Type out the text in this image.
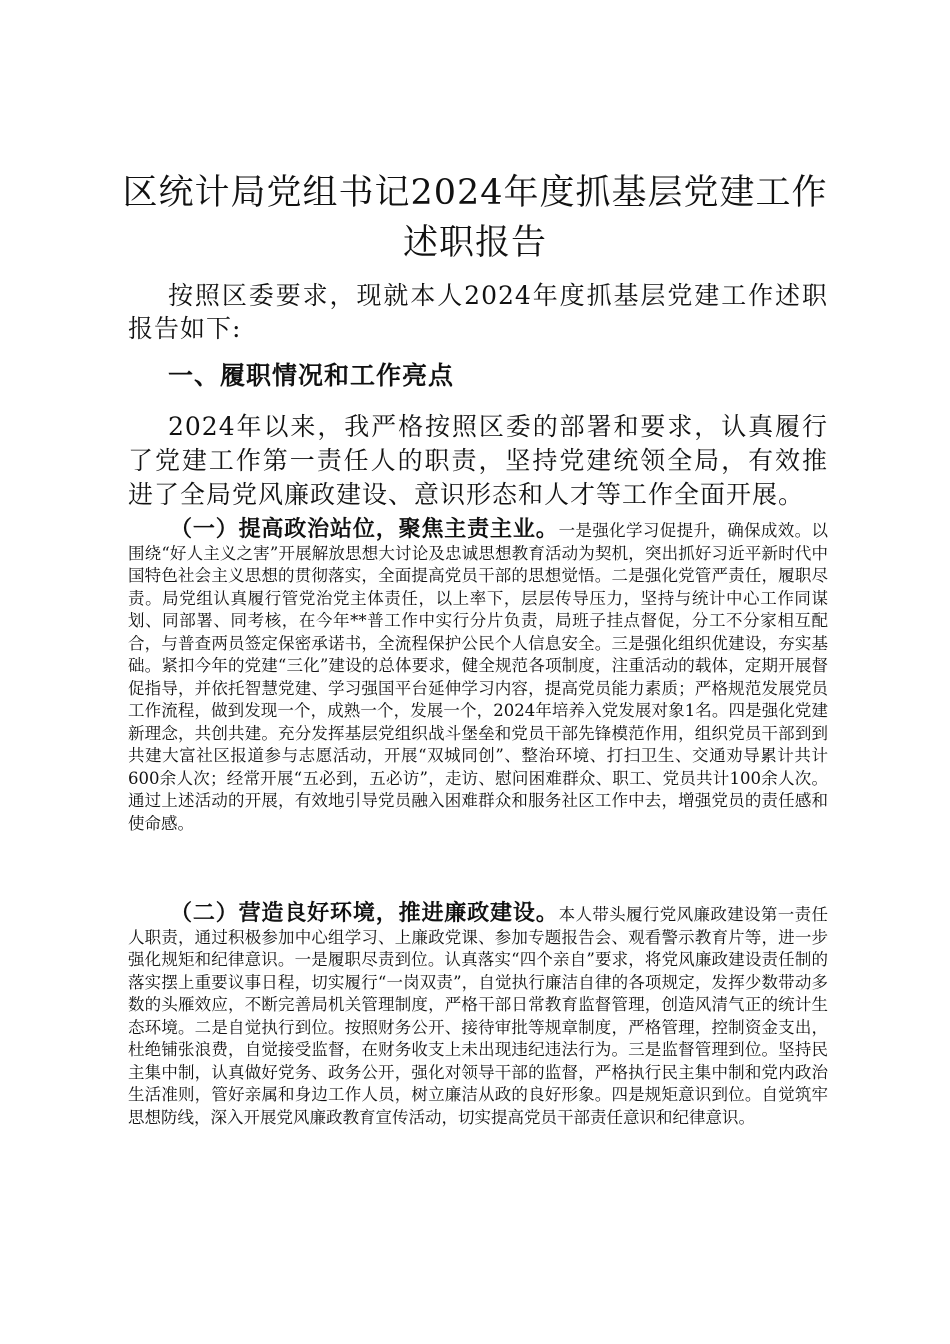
区统计局党组书记2024年度抓基层党建工作
述职报告

按照区委要求，现就本人2024年度抓基层党建工作述职报告如下:

一、履职情况和工作亮点

2024年以来，我严格按照区委的部署和要求，认真履行了党建工作第一责任人的职责，坚持党建统领全局，有效推进了全局党风廉政建设、意识形态和人才等工作全面开展。

（一）提高政治站位，聚焦主责主业。一是强化学习促提升，确保成效。以围绕“好人主义之害”开展解放思想大讨论及忠诚思想教育活动为契机，突出抓好习近平新时代中国特色社会主义思想的贯彻落实，全面提高党员干部的思想觉悟。二是强化党管严责任，履职尽责。局党组认真履行管党治党主体责任，以上率下，层层传导压力，坚持与统计中心工作同谋划、同部署、同考核，在今年**普工作中实行分片负责，局班子挂点督促，分工不分家相互配合，与普查两员签定保密承诺书，全流程保护公民个人信息安全。三是强化组织优建设，夯实基础。紧扣今年的党建“三化”建设的总体要求，健全规范各项制度，注重活动的载体，定期开展督促指导，并依托智慧党建、学习强国平台延伸学习内容，提高党员能力素质；严格规范发展党员工作流程，做到发现一个，成熟一个，发展一个，2024年培养入党发展对象1名。四是强化党建新理念，共创共建。充分发挥基层党组织战斗堡垒和党员干部先锋模范作用，组织党员干部到到共建大富社区报道参与志愿活动，开展“双城同创”、整治环境、打扫卫生、交通劝导累计共计600余人次；经常开展“五必到，五必访”，走访、慰问困难群众、职工、党员共计100余人次。通过上述活动的开展，有效地引导党员融入困难群众和服务社区工作中去，增强党员的责任感和使命感。

（二）营造良好环境，推进廉政建设。本人带头履行党风廉政建设第一责任人职责，通过积极参加中心组学习、上廉政党课、参加专题报告会、观看警示教育片等，进一步强化规矩和纪律意识。一是履职尽责到位。认真落实“四个亲自”要求，将党风廉政建设责任制的落实摆上重要议事日程，切实履行“一岗双责”，自觉执行廉洁自律的各项规定，发挥少数带动多数的头雁效应，不断完善局机关管理制度，严格干部日常教育监督管理，创造风清气正的统计生态环境。二是自觉执行到位。按照财务公开、接待审批等规章制度，严格管理，控制资金支出，杜绝铺张浪费，自觉接受监督，在财务收支上未出现违纪违法行为。三是监督管理到位。坚持民主集中制，认真做好党务、政务公开，强化对领导干部的监督，严格执行民主集中制和党内政治生活准则，管好亲属和身边工作人员，树立廉洁从政的良好形象。四是规矩意识到位。自觉筑牢思想防线，深入开展党风廉政教育宣传活动，切实提高党员干部责任意识和纪律意识。
